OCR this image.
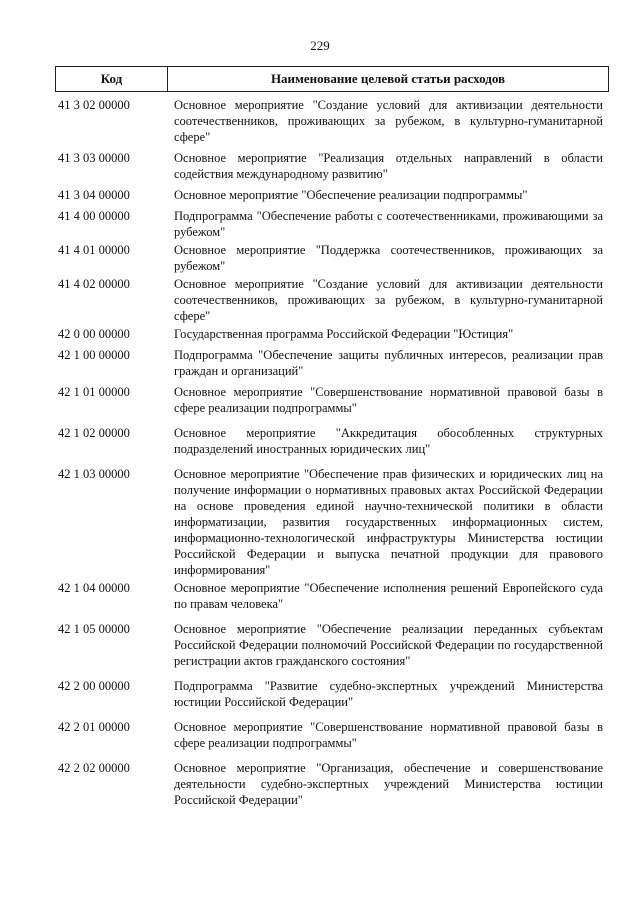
229
Код	Наименование целевой статьи расходов
41 3 02 00000	Основное мероприятие "Создание условий для активизации деятельности соотечественников, проживающих за рубежом, в культурно-гуманитарной сфере"
41 3 03 00000	Основное мероприятие "Реализация отдельных направлений в области содействия международному развитию"
41 3 04 00000	Основное мероприятие "Обеспечение реализации подпрограммы"
41 4 00 00000	Подпрограмма "Обеспечение работы с соотечественниками, проживающими за рубежом"
41 4 01 00000	Основное мероприятие "Поддержка соотечественников, проживающих за рубежом"
41 4 02 00000	Основное мероприятие "Создание условий для активизации деятельности соотечественников, проживающих за рубежом, в культурно-гуманитарной сфере"
42 0 00 00000	Государственная программа Российской Федерации "Юстиция"
42 1 00 00000	Подпрограмма "Обеспечение защиты публичных интересов, реализации прав граждан и организаций"
42 1 01 00000	Основное мероприятие "Совершенствование нормативной правовой базы в сфере реализации подпрограммы"
42 1 02 00000	Основное мероприятие "Аккредитация обособленных структурных подразделений иностранных юридических лиц"
42 1 03 00000	Основное мероприятие "Обеспечение прав физических и юридических лиц на получение информации о нормативных правовых актах Российской Федерации на основе проведения единой научно-технической политики в области информатизации, развития государственных информационных систем, информационно-технологической инфраструктуры Министерства юстиции Российской Федерации и выпуска печатной продукции для правового информирования"
42 1 04 00000	Основное мероприятие "Обеспечение исполнения решений Европейского суда по правам человека"
42 1 05 00000	Основное мероприятие "Обеспечение реализации переданных субъектам Российской Федерации полномочий Российской Федерации по государственной регистрации актов гражданского состояния"
42 2 00 00000	Подпрограмма "Развитие судебно-экспертных учреждений Министерства юстиции Российской Федерации"
42 2 01 00000	Основное мероприятие "Совершенствование нормативной правовой базы в сфере реализации подпрограммы"
42 2 02 00000	Основное мероприятие "Организация, обеспечение и совершенствование деятельности судебно-экспертных учреждений Министерства юстиции Российской Федерации"
